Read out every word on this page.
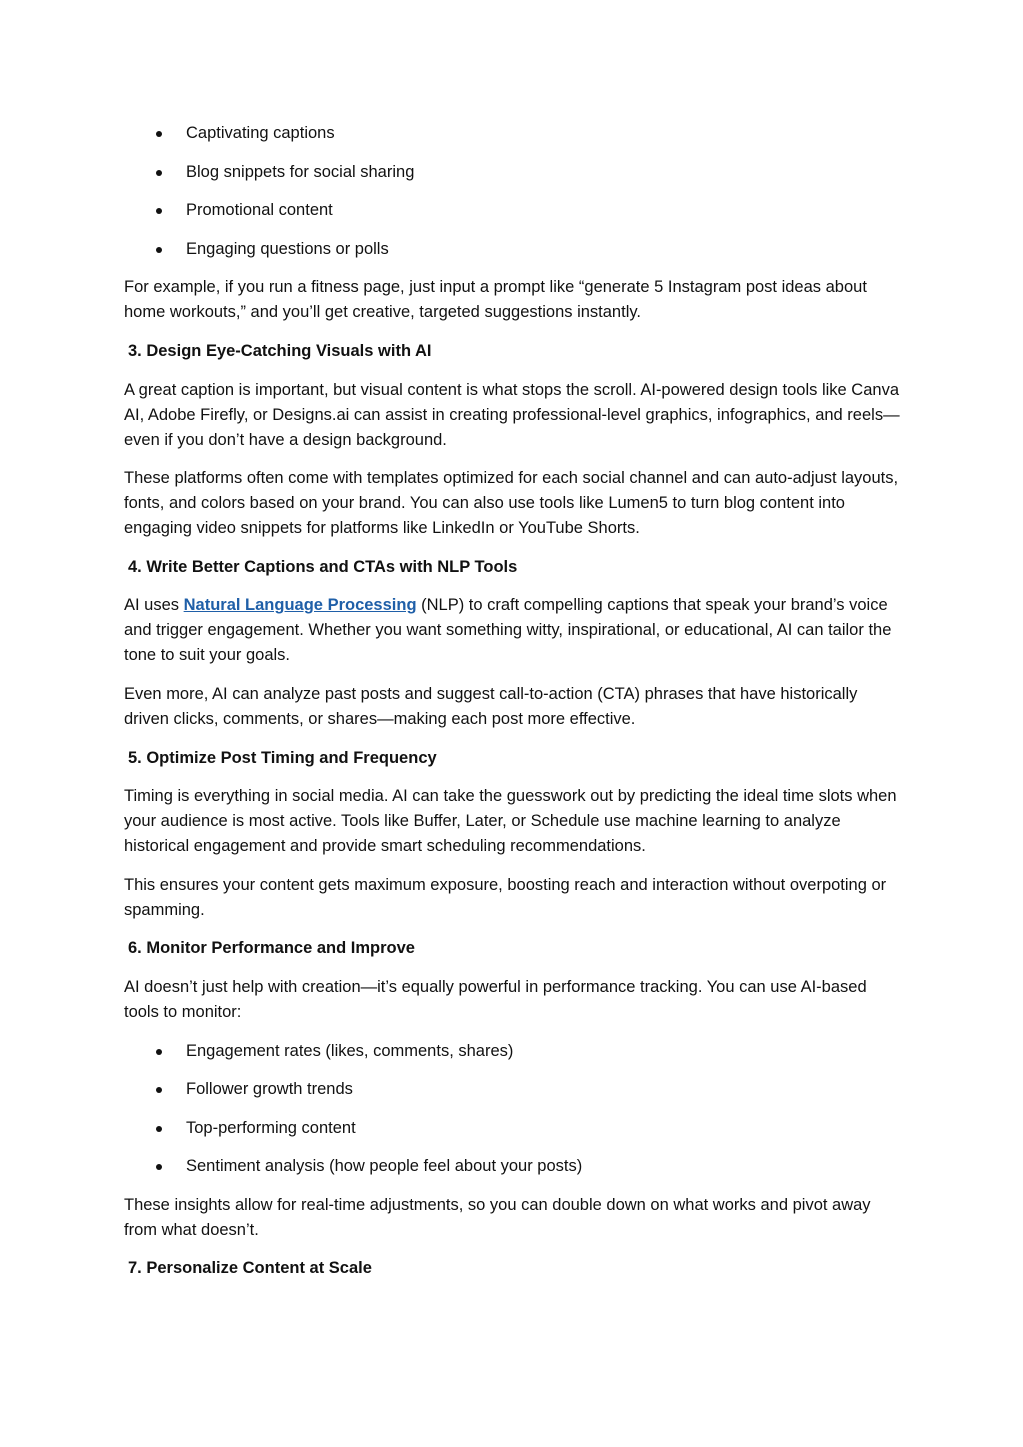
Captivating captions
Blog snippets for social sharing
Promotional content
Engaging questions or polls

For example, if you run a fitness page, just input a prompt like “generate 5 Instagram post ideas about home workouts,” and you’ll get creative, targeted suggestions instantly.

3. Design Eye-Catching Visuals with AI

A great caption is important, but visual content is what stops the scroll. AI-powered design tools like Canva AI, Adobe Firefly, or Designs.ai can assist in creating professional-level graphics, infographics, and reels—even if you don’t have a design background.

These platforms often come with templates optimized for each social channel and can auto-adjust layouts, fonts, and colors based on your brand. You can also use tools like Lumen5 to turn blog content into engaging video snippets for platforms like LinkedIn or YouTube Shorts.

4. Write Better Captions and CTAs with NLP Tools

AI uses Natural Language Processing (NLP) to craft compelling captions that speak your brand’s voice and trigger engagement. Whether you want something witty, inspirational, or educational, AI can tailor the tone to suit your goals.

Even more, AI can analyze past posts and suggest call-to-action (CTA) phrases that have historically driven clicks, comments, or shares—making each post more effective.

5. Optimize Post Timing and Frequency

Timing is everything in social media. AI can take the guesswork out by predicting the ideal time slots when your audience is most active. Tools like Buffer, Later, or Schedule use machine learning to analyze historical engagement and provide smart scheduling recommendations.

This ensures your content gets maximum exposure, boosting reach and interaction without overpoting or spamming.

6. Monitor Performance and Improve

AI doesn’t just help with creation—it’s equally powerful in performance tracking. You can use AI-based tools to monitor:

Engagement rates (likes, comments, shares)
Follower growth trends
Top-performing content
Sentiment analysis (how people feel about your posts)

These insights allow for real-time adjustments, so you can double down on what works and pivot away from what doesn’t.

7. Personalize Content at Scale
